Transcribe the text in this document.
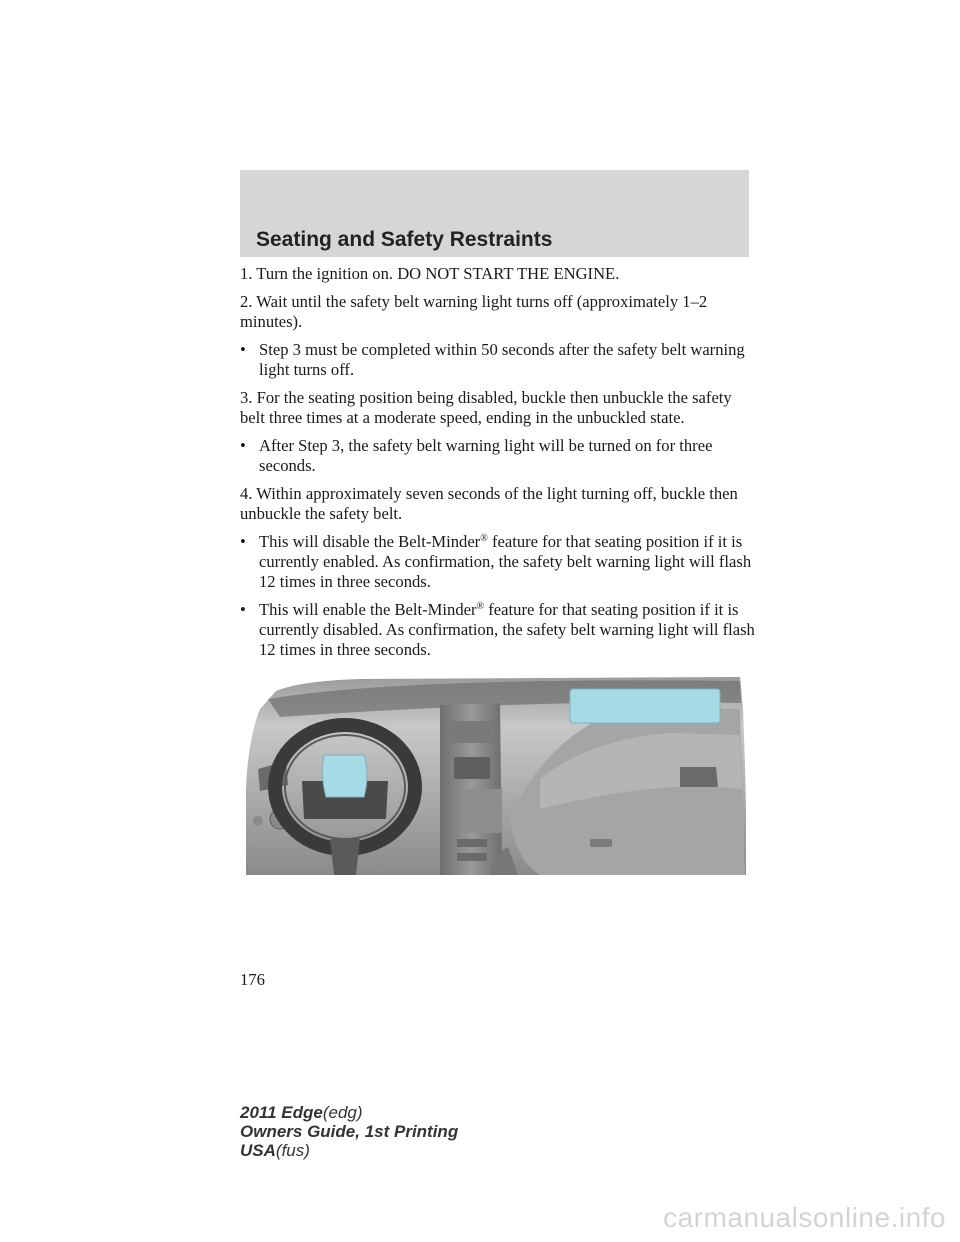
Seating and Safety Restraints

1. Turn the ignition on. DO NOT START THE ENGINE.

2. Wait until the safety belt warning light turns off (approximately 1–2 minutes).

• Step 3 must be completed within 50 seconds after the safety belt warning light turns off.

3. For the seating position being disabled, buckle then unbuckle the safety belt three times at a moderate speed, ending in the unbuckled state.

• After Step 3, the safety belt warning light will be turned on for three seconds.

4. Within approximately seven seconds of the light turning off, buckle then unbuckle the safety belt.

• This will disable the Belt-Minder® feature for that seating position if it is currently enabled. As confirmation, the safety belt warning light will flash 12 times in three seconds.
• This will enable the Belt-Minder® feature for that seating position if it is currently disabled. As confirmation, the safety belt warning light will flash 12 times in three seconds.
176
2011 Edge(edg)
Owners Guide, 1st Printing
USA(fus)
carmanualsonline.info
